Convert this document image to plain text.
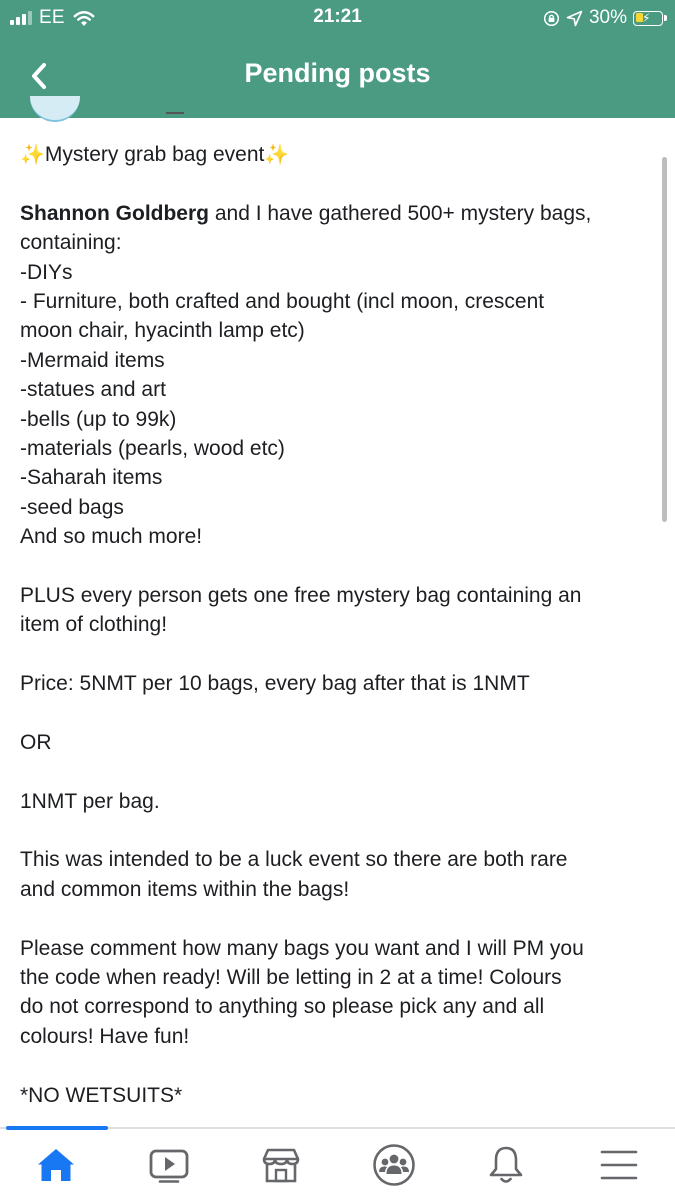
EE	21:21	30% ⚡
Pending posts
✨Mystery grab bag event✨
Shannon Goldberg and I have gathered 500+ mystery bags,
containing:
-DIYs
- Furniture, both crafted and bought (incl moon, crescent
moon chair, hyacinth lamp etc)
-Mermaid items
-statues and art
-bells (up to 99k)
-materials (pearls, wood etc)
-Saharah items
-seed bags
And so much more!
PLUS every person gets one free mystery bag containing an
item of clothing!
Price: 5NMT per 10 bags, every bag after that is 1NMT
OR
1NMT per bag.
This was intended to be a luck event so there are both rare
and common items within the bags!
Please comment how many bags you want and I will PM you
the code when ready! Will be letting in 2 at a time! Colours
do not correspond to anything so please pick any and all
colours! Have fun!
*NO WETSUITS*
